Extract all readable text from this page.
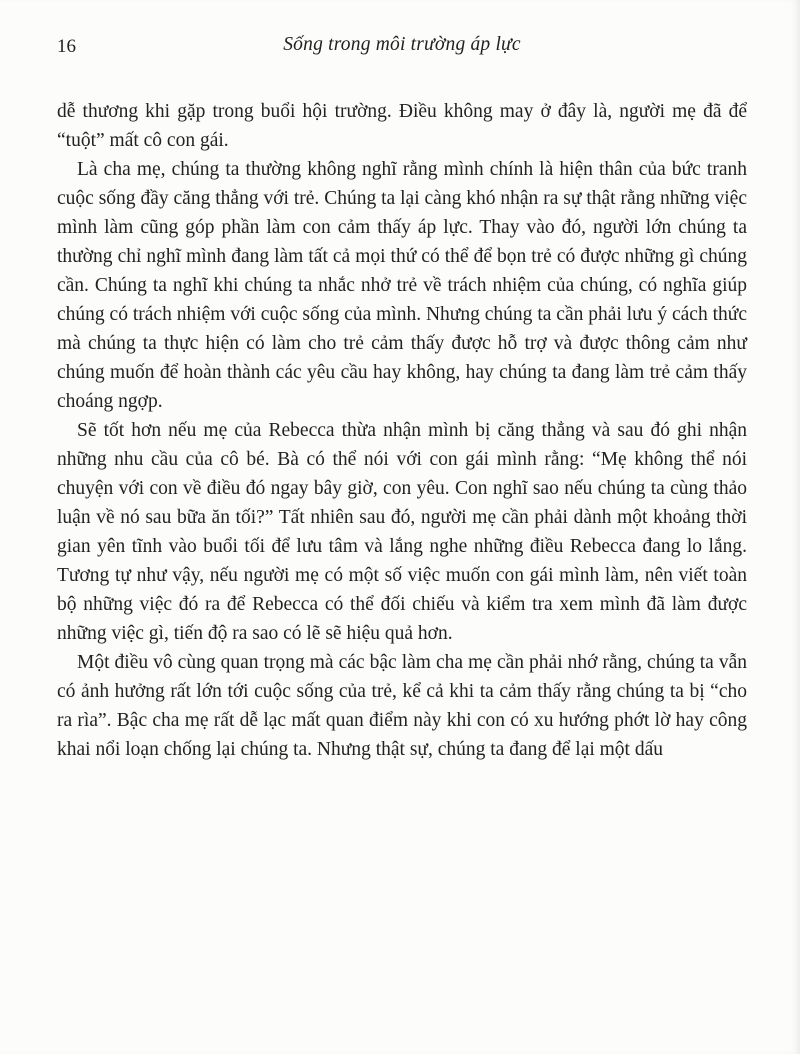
16	Sống trong môi trường áp lực

dễ thương khi gặp trong buổi hội trường. Điều không may ở đây là, người mẹ đã để “tuột” mất cô con gái.

Là cha mẹ, chúng ta thường không nghĩ rằng mình chính là hiện thân của bức tranh cuộc sống đầy căng thẳng với trẻ. Chúng ta lại càng khó nhận ra sự thật rằng những việc mình làm cũng góp phần làm con cảm thấy áp lực. Thay vào đó, người lớn chúng ta thường chỉ nghĩ mình đang làm tất cả mọi thứ có thể để bọn trẻ có được những gì chúng cần. Chúng ta nghĩ khi chúng ta nhắc nhở trẻ về trách nhiệm của chúng, có nghĩa giúp chúng có trách nhiệm với cuộc sống của mình. Nhưng chúng ta cần phải lưu ý cách thức mà chúng ta thực hiện có làm cho trẻ cảm thấy được hỗ trợ và được thông cảm như chúng muốn để hoàn thành các yêu cầu hay không, hay chúng ta đang làm trẻ cảm thấy choáng ngợp.

Sẽ tốt hơn nếu mẹ của Rebecca thừa nhận mình bị căng thẳng và sau đó ghi nhận những nhu cầu của cô bé. Bà có thể nói với con gái mình rằng: “Mẹ không thể nói chuyện với con về điều đó ngay bây giờ, con yêu. Con nghĩ sao nếu chúng ta cùng thảo luận về nó sau bữa ăn tối?” Tất nhiên sau đó, người mẹ cần phải dành một khoảng thời gian yên tĩnh vào buổi tối để lưu tâm và lắng nghe những điều Rebecca đang lo lắng. Tương tự như vậy, nếu người mẹ có một số việc muốn con gái mình làm, nên viết toàn bộ những việc đó ra để Rebecca có thể đối chiếu và kiểm tra xem mình đã làm được những việc gì, tiến độ ra sao có lẽ sẽ hiệu quả hơn.

Một điều vô cùng quan trọng mà các bậc làm cha mẹ cần phải nhớ rằng, chúng ta vẫn có ảnh hưởng rất lớn tới cuộc sống của trẻ, kể cả khi ta cảm thấy rằng chúng ta bị “cho ra rìa”. Bậc cha mẹ rất dễ lạc mất quan điểm này khi con có xu hướng phớt lờ hay công khai nổi loạn chống lại chúng ta. Nhưng thật sự, chúng ta đang để lại một dấu
